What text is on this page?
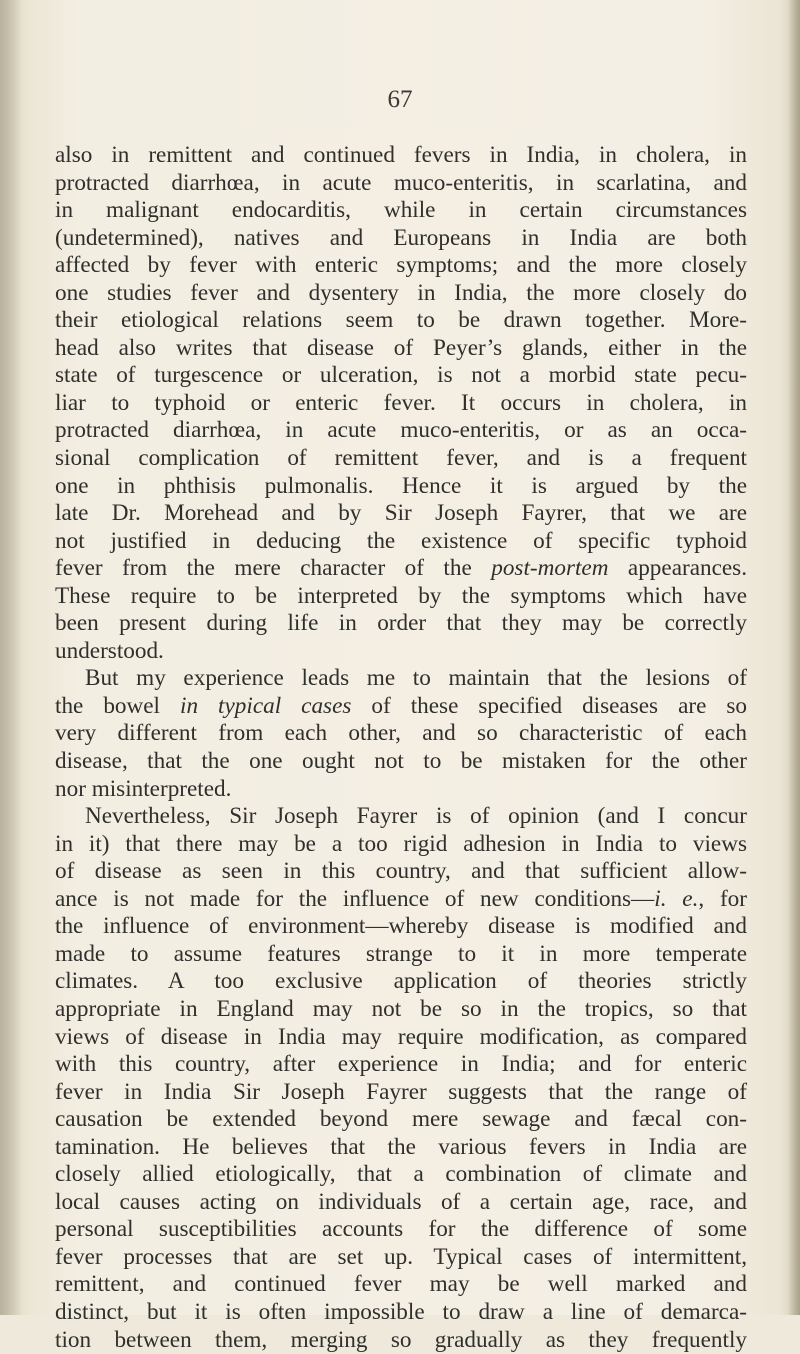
67
also in remittent and continued fevers in India, in cholera, in
protracted diarrhœa, in acute muco-enteritis, in scarlatina, and
in malignant endocarditis, while in certain circumstances
(undetermined), natives and Europeans in India are both
affected by fever with enteric symptoms; and the more closely
one studies fever and dysentery in India, the more closely do
their etiological relations seem to be drawn together. More-
head also writes that disease of Peyer’s glands, either in the
state of turgescence or ulceration, is not a morbid state pecu-
liar to typhoid or enteric fever. It occurs in cholera, in
protracted diarrhœa, in acute muco-enteritis, or as an occa-
sional complication of remittent fever, and is a frequent
one in phthisis pulmonalis. Hence it is argued by the
late Dr. Morehead and by Sir Joseph Fayrer, that we are
not justified in deducing the existence of specific typhoid
fever from the mere character of the post-mortem appearances.
These require to be interpreted by the symptoms which have
been present during life in order that they may be correctly
understood.
But my experience leads me to maintain that the lesions of
the bowel in typical cases of these specified diseases are so
very different from each other, and so characteristic of each
disease, that the one ought not to be mistaken for the other
nor misinterpreted.
Nevertheless, Sir Joseph Fayrer is of opinion (and I concur
in it) that there may be a too rigid adhesion in India to views
of disease as seen in this country, and that sufficient allow-
ance is not made for the influence of new conditions—i. e., for
the influence of environment—whereby disease is modified and
made to assume features strange to it in more temperate
climates. A too exclusive application of theories strictly
appropriate in England may not be so in the tropics, so that
views of disease in India may require modification, as compared
with this country, after experience in India; and for enteric
fever in India Sir Joseph Fayrer suggests that the range of
causation be extended beyond mere sewage and fæcal con-
tamination. He believes that the various fevers in India are
closely allied etiologically, that a combination of climate and
local causes acting on individuals of a certain age, race, and
personal susceptibilities accounts for the difference of some
fever processes that are set up. Typical cases of intermittent,
remittent, and continued fever may be well marked and
distinct, but it is often impossible to draw a line of demarca-
tion between them, merging so gradually as they frequently
